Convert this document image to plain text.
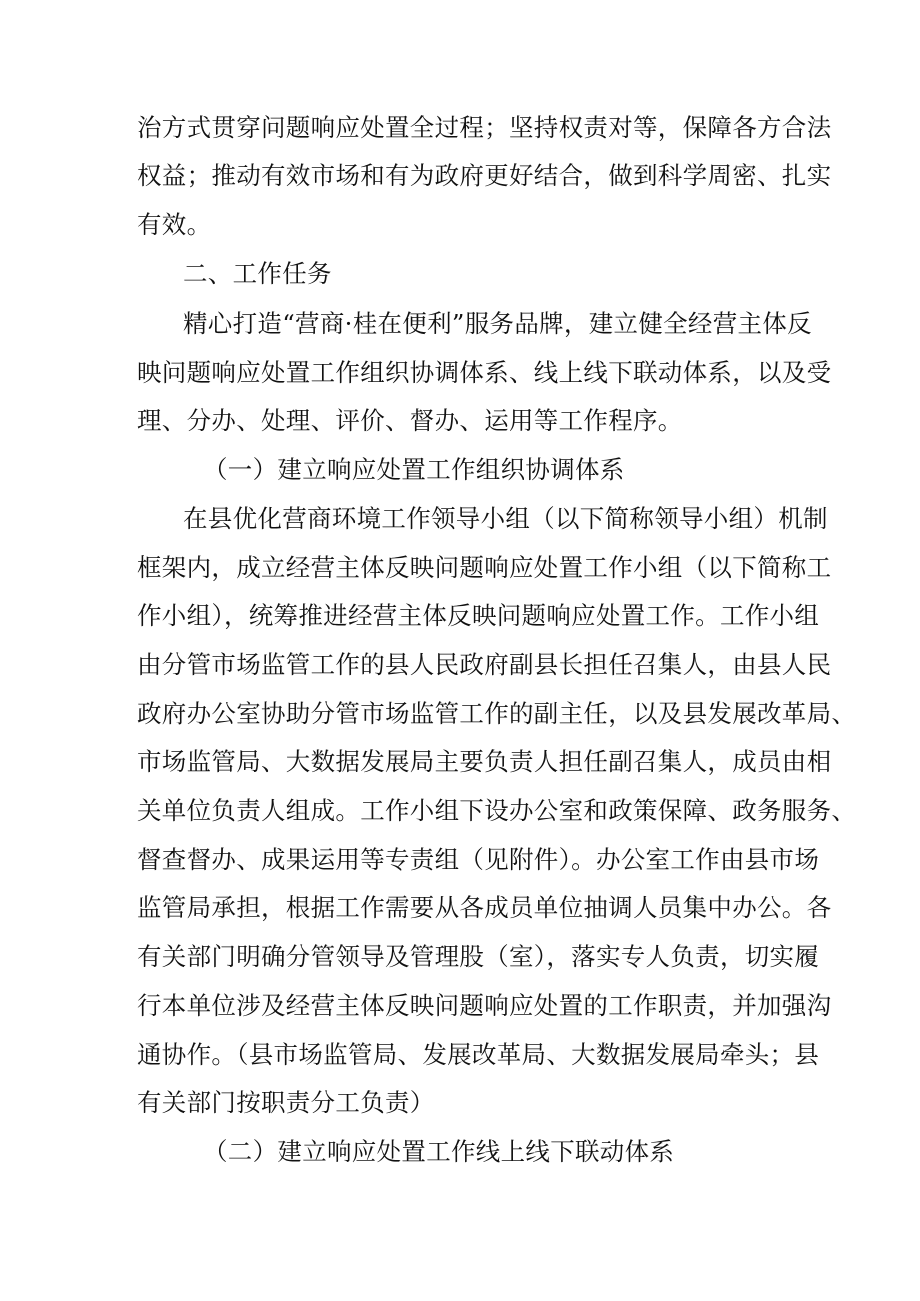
治方式贯穿问题响应处置全过程；坚持权责对等，保障各方合法
权益；推动有效市场和有为政府更好结合，做到科学周密、扎实
有效。
二、工作任务
精心打造“营商·桂在便利”服务品牌，建立健全经营主体反
映问题响应处置工作组织协调体系、线上线下联动体系，以及受
理、分办、处理、评价、督办、运用等工作程序。
（一）建立响应处置工作组织协调体系
在县优化营商环境工作领导小组（以下简称领导小组）机制
框架内，成立经营主体反映问题响应处置工作小组（以下简称工
作小组），统筹推进经营主体反映问题响应处置工作。工作小组
由分管市场监管工作的县人民政府副县长担任召集人，由县人民
政府办公室协助分管市场监管工作的副主任，以及县发展改革局、
市场监管局、大数据发展局主要负责人担任副召集人，成员由相
关单位负责人组成。工作小组下设办公室和政策保障、政务服务、
督查督办、成果运用等专责组（见附件）。办公室工作由县市场
监管局承担，根据工作需要从各成员单位抽调人员集中办公。各
有关部门明确分管领导及管理股（室），落实专人负责，切实履
行本单位涉及经营主体反映问题响应处置的工作职责，并加强沟
通协作。（县市场监管局、发展改革局、大数据发展局牵头；县
有关部门按职责分工负责）
（二）建立响应处置工作线上线下联动体系
